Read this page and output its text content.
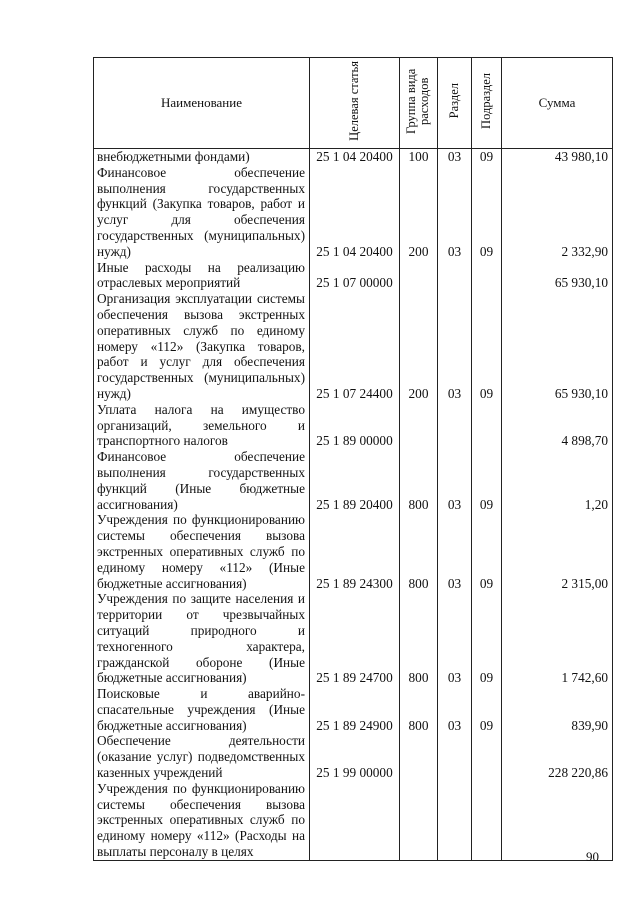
Наименование	Целевая статья	Группа вида расходов	Раздел	Подраздел	Сумма
внебюджетными фондами)	25 1 04 20400	100	03	09	43 980,10
Финансовое обеспечение выполнения государственных функций (Закупка товаров, работ и услуг для обеспечения государственных (муниципальных) нужд)	25 1 04 20400	200	03	09	2 332,90
Иные расходы на реализацию отраслевых мероприятий	25 1 07 00000				65 930,10
Организация эксплуатации системы обеспечения вызова экстренных оперативных служб по единому номеру «112» (Закупка товаров, работ и услуг для обеспечения государственных (муниципальных) нужд)	25 1 07 24400	200	03	09	65 930,10
Уплата налога на имущество организаций, земельного и транспортного налогов	25 1 89 00000				4 898,70
Финансовое обеспечение выполнения государственных функций (Иные бюджетные ассигнования)	25 1 89 20400	800	03	09	1,20
Учреждения по функционированию системы обеспечения вызова экстренных оперативных служб по единому номеру «112» (Иные бюджетные ассигнования)	25 1 89 24300	800	03	09	2 315,00
Учреждения по защите населения и территории от чрезвычайных ситуаций природного и техногенного характера, гражданской обороне (Иные бюджетные ассигнования)	25 1 89 24700	800	03	09	1 742,60
Поисковые и аварийно-спасательные учреждения (Иные бюджетные ассигнования)	25 1 89 24900	800	03	09	839,90
Обеспечение деятельности (оказание услуг) подведомственных казенных учреждений	25 1 99 00000				228 220,86
Учреждения по функционированию системы обеспечения вызова экстренных оперативных служб по единому номеру «112» (Расходы на выплаты персоналу в целях						90
